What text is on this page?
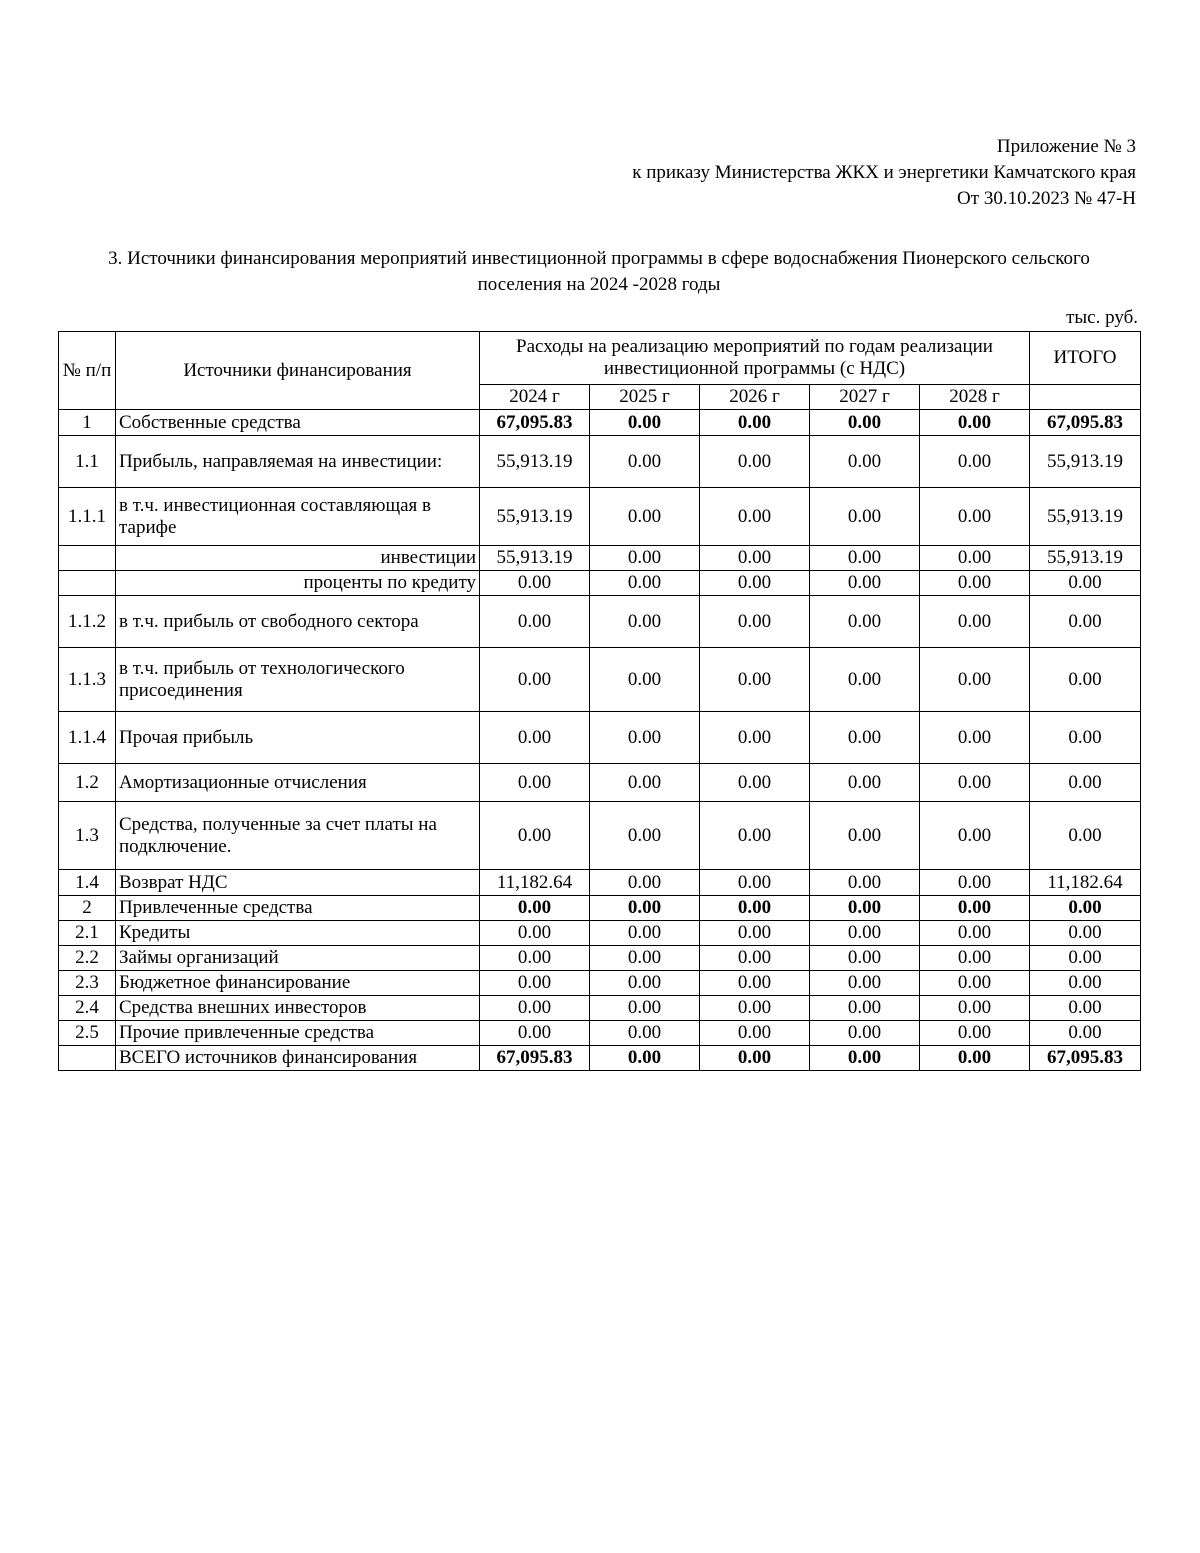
Приложение № 3
к приказу Министерства ЖКХ и энергетики Камчатского края
От 30.10.2023 № 47-Н
3. Источники финансирования мероприятий инвестиционной программы в сфере водоснабжения Пионерского сельского
поселения на 2024 -2028 годы
тыс. руб.
№ п/п	Источники финансирования	Расходы на реализацию мероприятий по годам реализации инвестиционной программы (с НДС)					ИТОГО
		2024 г	2025 г	2026 г	2027 г	2028 г	
1	Собственные средства	67,095.83	0.00	0.00	0.00	0.00	67,095.83
1.1	Прибыль, направляемая на инвестиции:	55,913.19	0.00	0.00	0.00	0.00	55,913.19
1.1.1	в т.ч. инвестиционная составляющая в тарифе	55,913.19	0.00	0.00	0.00	0.00	55,913.19
	инвестиции	55,913.19	0.00	0.00	0.00	0.00	55,913.19
	проценты по кредиту	0.00	0.00	0.00	0.00	0.00	0.00
1.1.2	в т.ч. прибыль от свободного сектора	0.00	0.00	0.00	0.00	0.00	0.00
1.1.3	в т.ч. прибыль от технологического присоединения	0.00	0.00	0.00	0.00	0.00	0.00
1.1.4	Прочая прибыль	0.00	0.00	0.00	0.00	0.00	0.00
1.2	Амортизационные отчисления	0.00	0.00	0.00	0.00	0.00	0.00
1.3	Средства, полученные за счет платы на подключение.	0.00	0.00	0.00	0.00	0.00	0.00
1.4	Возврат НДС	11,182.64	0.00	0.00	0.00	0.00	11,182.64
2	Привлеченные средства	0.00	0.00	0.00	0.00	0.00	0.00
2.1	Кредиты	0.00	0.00	0.00	0.00	0.00	0.00
2.2	Займы организаций	0.00	0.00	0.00	0.00	0.00	0.00
2.3	Бюджетное финансирование	0.00	0.00	0.00	0.00	0.00	0.00
2.4	Средства внешних инвесторов	0.00	0.00	0.00	0.00	0.00	0.00
2.5	Прочие привлеченные средства	0.00	0.00	0.00	0.00	0.00	0.00
	ВСЕГО источников финансирования	67,095.83	0.00	0.00	0.00	0.00	67,095.83
